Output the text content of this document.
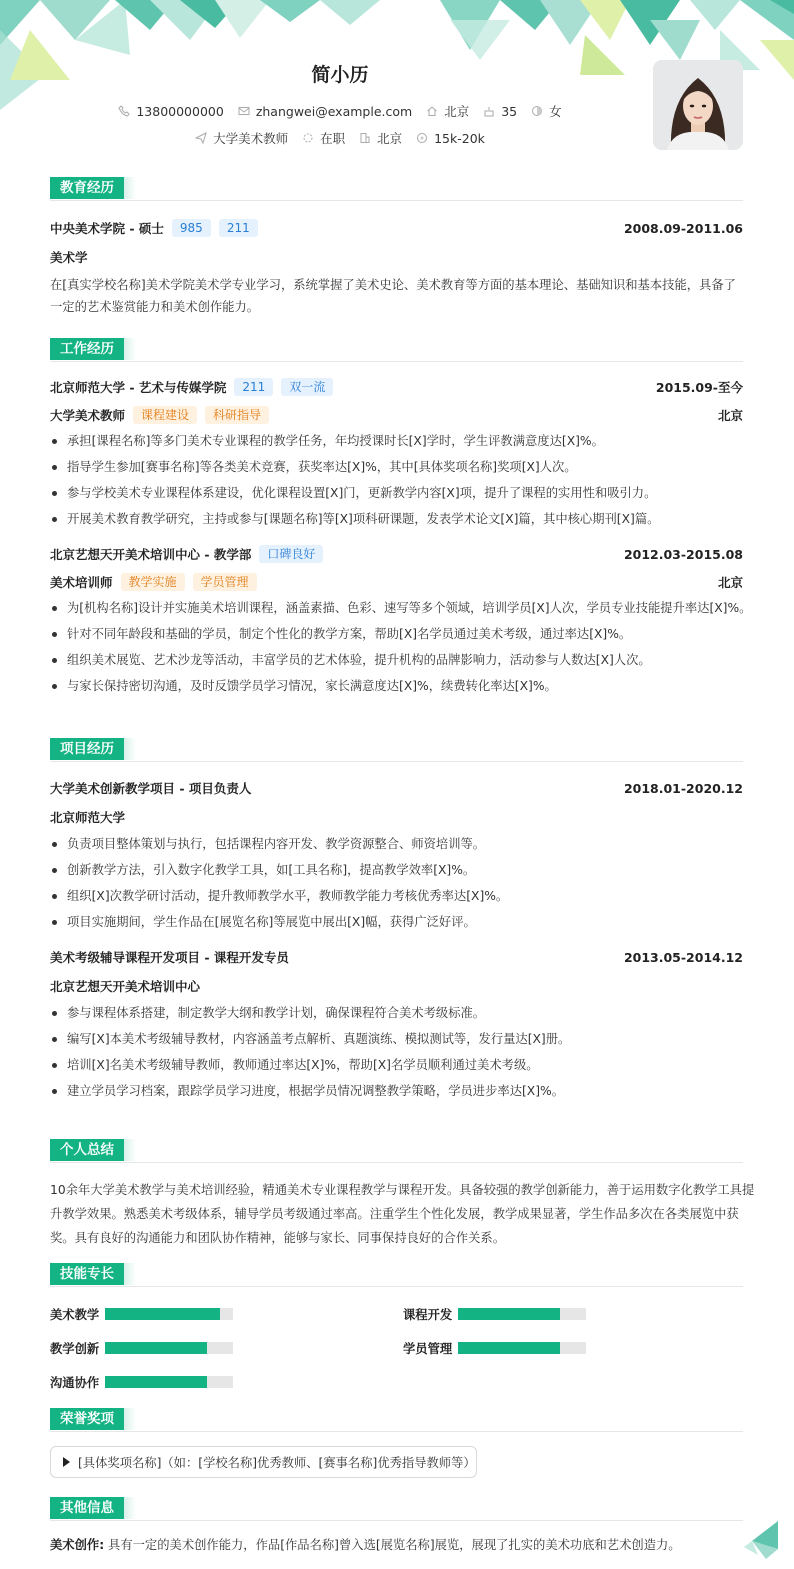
简小历
13800000000	zhangwei@example.com	北京	35	女
大学美术教师	在职	北京	15k-20k
教育经历
中央美术学院 - 硕士	985	211	2008.09-2011.06
美术学
在[真实学校名称]美术学院美术学专业学习，系统掌握了美术史论、美术教育等方面的基本理论、基础知识和基本技能，具备了一定的艺术鉴赏能力和美术创作能力。
工作经历
北京师范大学 - 艺术与传媒学院	211	双一流	2015.09-至今
大学美术教师	课程建设	科研指导	北京
承担[课程名称]等多门美术专业课程的教学任务，年均授课时长[X]学时，学生评教满意度达[X]%。
指导学生参加[赛事名称]等各类美术竞赛，获奖率达[X]%，其中[具体奖项名称]奖项[X]人次。
参与学校美术专业课程体系建设，优化课程设置[X]门，更新教学内容[X]项，提升了课程的实用性和吸引力。
开展美术教育教学研究，主持或参与[课题名称]等[X]项科研课题，发表学术论文[X]篇，其中核心期刊[X]篇。
北京艺想天开美术培训中心 - 教学部	口碑良好	2012.03-2015.08
美术培训师	教学实施	学员管理	北京
为[机构名称]设计并实施美术培训课程，涵盖素描、色彩、速写等多个领域，培训学员[X]人次，学员专业技能提升率达[X]%。
针对不同年龄段和基础的学员，制定个性化的教学方案，帮助[X]名学员通过美术考级，通过率达[X]%。
组织美术展览、艺术沙龙等活动，丰富学员的艺术体验，提升机构的品牌影响力，活动参与人数达[X]人次。
与家长保持密切沟通，及时反馈学员学习情况，家长满意度达[X]%，续费转化率达[X]%。
项目经历
大学美术创新教学项目 - 项目负责人	2018.01-2020.12
北京师范大学
负责项目整体策划与执行，包括课程内容开发、教学资源整合、师资培训等。
创新教学方法，引入数字化教学工具，如[工具名称]，提高教学效率[X]%。
组织[X]次教学研讨活动，提升教师教学水平，教师教学能力考核优秀率达[X]%。
项目实施期间，学生作品在[展览名称]等展览中展出[X]幅，获得广泛好评。
美术考级辅导课程开发项目 - 课程开发专员	2013.05-2014.12
北京艺想天开美术培训中心
参与课程体系搭建，制定教学大纲和教学计划，确保课程符合美术考级标准。
编写[X]本美术考级辅导教材，内容涵盖考点解析、真题演练、模拟测试等，发行量达[X]册。
培训[X]名美术考级辅导教师，教师通过率达[X]%，帮助[X]名学员顺利通过美术考级。
建立学员学习档案，跟踪学员学习进度，根据学员情况调整教学策略，学员进步率达[X]%。
个人总结
10余年大学美术教学与美术培训经验，精通美术专业课程教学与课程开发。具备较强的教学创新能力，善于运用数字化教学工具提
升教学效果。熟悉美术考级体系，辅导学员考级通过率高。注重学生个性化发展，教学成果显著，学生作品多次在各类展览中获
奖。具有良好的沟通能力和团队协作精神，能够与家长、同事保持良好的合作关系。
技能专长
美术教学	课程开发
教学创新	学员管理
沟通协作
荣誉奖项
[具体奖项名称]（如：[学校名称]优秀教师、[赛事名称]优秀指导教师等）
其他信息
美术创作: 具有一定的美术创作能力，作品[作品名称]曾入选[展览名称]展览，展现了扎实的美术功底和艺术创造力。
